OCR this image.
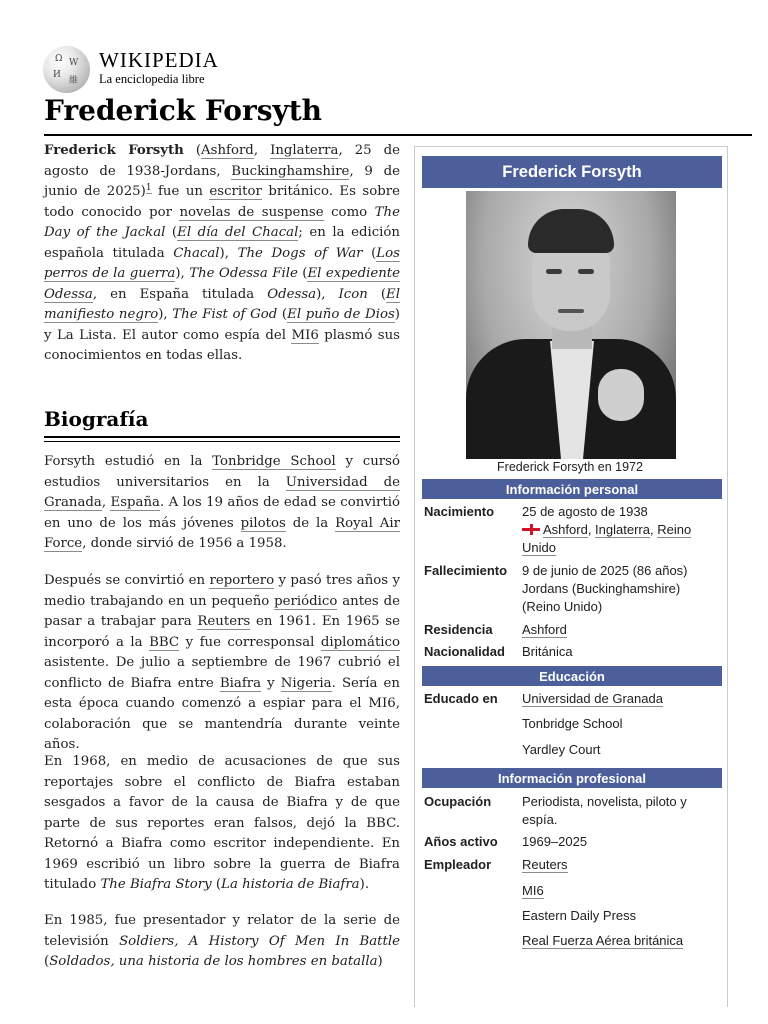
Ω W
И
維
WIKIPEDIA
La enciclopedia libre
Frederick Forsyth

Frederick Forsyth (Ashford, Inglaterra, 25 de agosto de 1938-Jordans, Buckinghamshire, 9 de junio de 2025)$^1$ fue un escritor británico. Es sobre todo conocido por novelas de suspense como The Day of the Jackal (El día del Chacal; en la edición española titulada Chacal), The Dogs of War (Los perros de la guerra), The Odessa File (El expediente Odessa, en España titulada Odessa), Icon (El manifiesto negro), The Fist of God (El puño de Dios) y La Lista. El autor como espía del MI6 plasmó sus conocimientos en todas ellas.

Biografía

Forsyth estudió en la Tonbridge School y cursó estudios universitarios en la Universidad de Granada, España. A los 19 años de edad se convirtió en uno de los más jóvenes pilotos de la Royal Air Force, donde sirvió de 1956 a 1958.

Después se convirtió en reportero y pasó tres años y medio trabajando en un pequeño periódico antes de pasar a trabajar para Reuters en 1961. En 1965 se incorporó a la BBC y fue corresponsal diplomático asistente. De julio a septiembre de 1967 cubrió el conflicto de Biafra entre Biafra y Nigeria. Sería en esta época cuando comenzó a espiar para el MI6, colaboración que se mantendría durante veinte años.

En 1968, en medio de acusaciones de que sus reportajes sobre el conflicto de Biafra estaban sesgados a favor de la causa de Biafra y de que parte de sus reportes eran falsos, dejó la BBC. Retornó a Biafra como escritor independiente. En 1969 escribió un libro sobre la guerra de Biafra titulado The Biafra Story (La historia de Biafra).

En 1985, fue presentador y relator de la serie de televisión Soldiers, A History Of Men In Battle (Soldados, una historia de los hombres en batalla)

Frederick Forsyth
Frederick Forsyth en 1972
Información personal
Nacimiento	25 de agosto de 1938
Ashford, Inglaterra, Reino Unido
Fallecimiento	9 de junio de 2025 (86 años) Jordans (Buckinghamshire) (Reino Unido)
Residencia	Ashford
Nacionalidad	Británica
Educación
Educado en	Universidad de Granada
Tonbridge School
Yardley Court
Información profesional
Ocupación	Periodista, novelista, piloto y espía.
Años activo	1969–2025
Empleador	Reuters
MI6
Eastern Daily Press
Real Fuerza Aérea británica
